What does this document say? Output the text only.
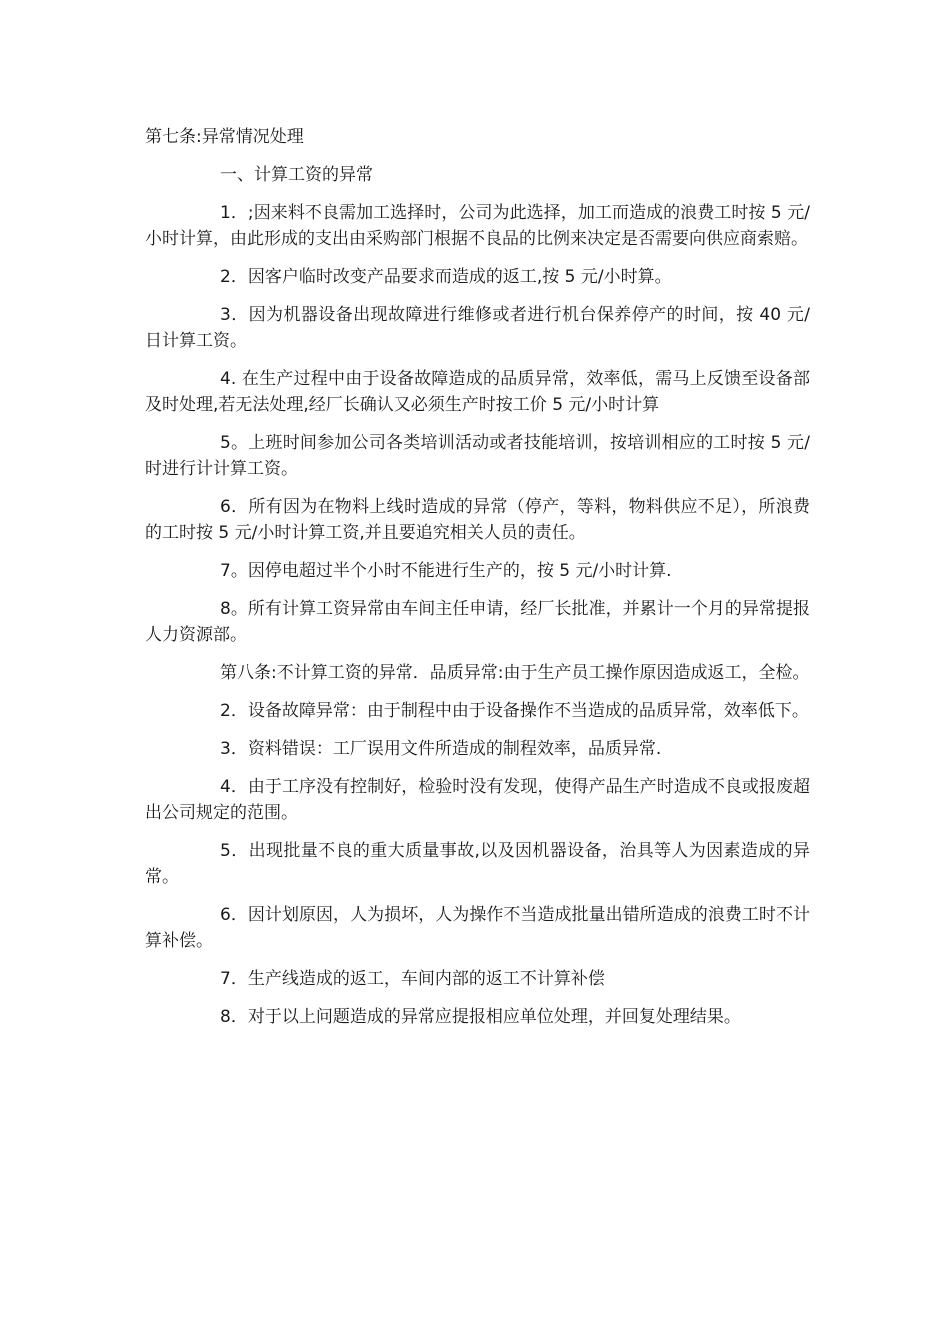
第七条:异常情况处理
一、计算工资的异常
1．;因来料不良需加工选择时，公司为此选择，加工而造成的浪费工时按 5 元/小时计算，由此形成的支出由采购部门根据不良品的比例来决定是否需要向供应商索赔。
2．因客户临时改变产品要求而造成的返工,按 5 元/小时算。
3．因为机器设备出现故障进行维修或者进行机台保养停产的时间，按 40 元/日计算工资。
4. 在生产过程中由于设备故障造成的品质异常，效率低，需马上反馈至设备部及时处理,若无法处理,经厂长确认又必须生产时按工价 5 元/小时计算
5。上班时间参加公司各类培训活动或者技能培训，按培训相应的工时按 5 元/时进行计计算工资。
6．所有因为在物料上线时造成的异常（停产，等料，物料供应不足），所浪费的工时按 5 元/小时计算工资,并且要追究相关人员的责任。
7。因停电超过半个小时不能进行生产的，按 5 元/小时计算.
8。所有计算工资异常由车间主任申请，经厂长批准，并累计一个月的异常提报人力资源部。
第八条:不计算工资的异常．品质异常:由于生产员工操作原因造成返工，全检。
2．设备故障异常：由于制程中由于设备操作不当造成的品质异常，效率低下。
3．资料错误：工厂误用文件所造成的制程效率，品质异常.
4．由于工序没有控制好，检验时没有发现，使得产品生产时造成不良或报废超出公司规定的范围。
5．出现批量不良的重大质量事故,以及因机器设备，治具等人为因素造成的异常。
6．因计划原因，人为损坏，人为操作不当造成批量出错所造成的浪费工时不计算补偿。
7．生产线造成的返工，车间内部的返工不计算补偿
8．对于以上问题造成的异常应提报相应单位处理，并回复处理结果。
